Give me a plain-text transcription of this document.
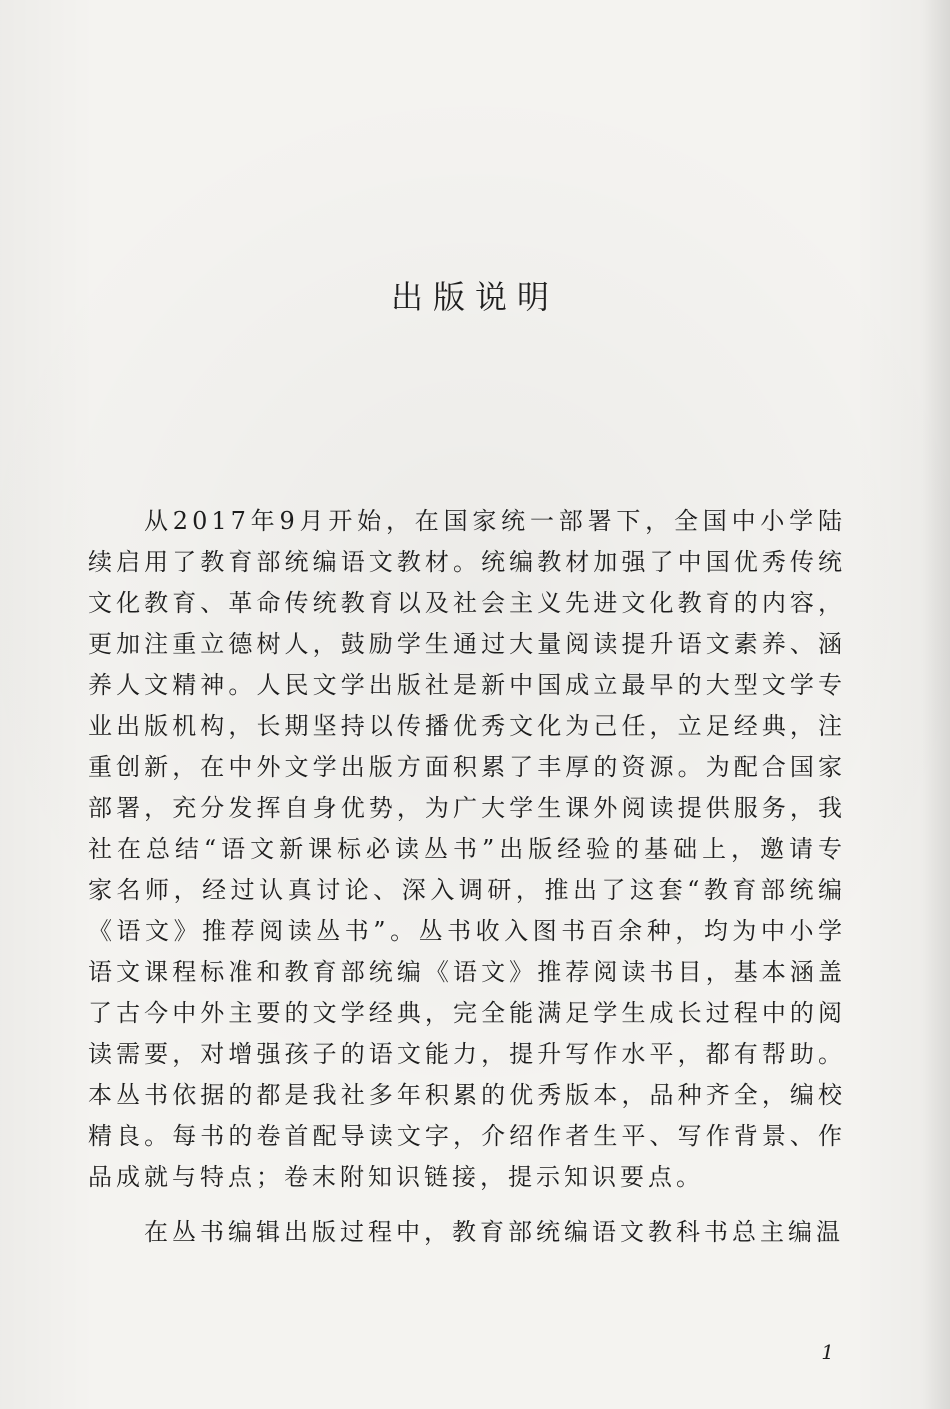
出版说明

从2017年9月开始，在国家统一部署下，全国中小学陆续启用了教育部统编语文教材。统编教材加强了中国优秀传统文化教育、革命传统教育以及社会主义先进文化教育的内容，更加注重立德树人，鼓励学生通过大量阅读提升语文素养、涵养人文精神。人民文学出版社是新中国成立最早的大型文学专业出版机构，长期坚持以传播优秀文化为己任，立足经典，注重创新，在中外文学出版方面积累了丰厚的资源。为配合国家部署，充分发挥自身优势，为广大学生课外阅读提供服务，我社在总结“语文新课标必读丛书”出版经验的基础上，邀请专家名师，经过认真讨论、深入调研，推出了这套“教育部统编《语文》推荐阅读丛书”。丛书收入图书百余种，均为中小学语文课程标准和教育部统编《语文》推荐阅读书目，基本涵盖了古今中外主要的文学经典，完全能满足学生成长过程中的阅读需要，对增强孩子的语文能力，提升写作水平，都有帮助。本丛书依据的都是我社多年积累的优秀版本，品种齐全，编校精良。每书的卷首配导读文字，介绍作者生平、写作背景、作品成就与特点；卷末附知识链接，提示知识要点。

在丛书编辑出版过程中，教育部统编语文教科书总主编温

1
